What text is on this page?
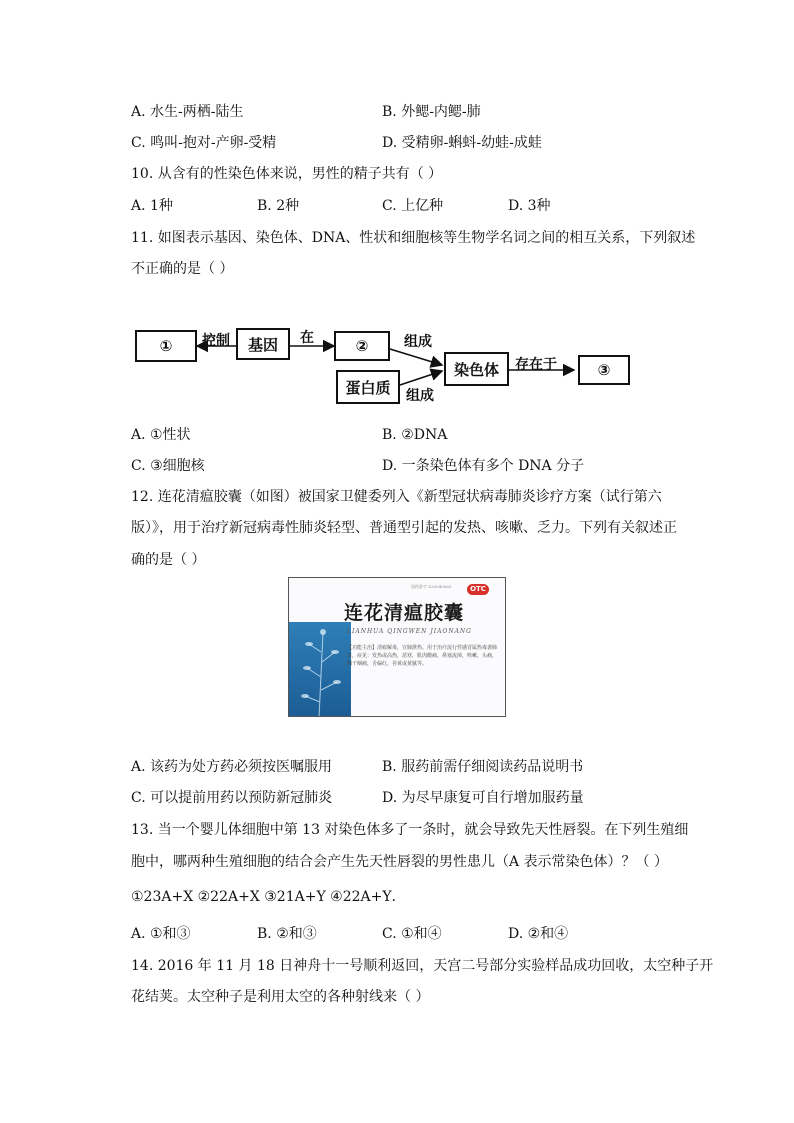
A. 水生-两栖-陆生	B. 外鳃-内鳃-肺
C. 鸣叫-抱对-产卵-受精	D. 受精卵-蝌蚪-幼蛙-成蛙
10. 从含有的性染色体来说，男性的精子共有（ ）
A. 1种	B. 2种	C. 上亿种	D. 3种
11. 如图表示基因、染色体、DNA、性状和细胞核等生物学名词之间的相互关系，下列叙述
不正确的是（ ）
①	基因	②
蛋白质
染色体	③
控制	在	组成
组成
存在于
A. ①性状	B. ②DNA
C. ③细胞核	D. 一条染色体有多个 DNA 分子
12. 连花清瘟胶囊（如图）被国家卫健委列入《新型冠状病毒肺炎诊疗方案（试行第六
版）》，用于治疗新冠病毒性肺炎轻型、普通型引起的发热、咳嗽、乏力。下列有关叙述正
确的是（ ）
国药准字 Z20040063	OTC
连花清瘟胶囊
LIANHUA QINGWEN JIAONANG
【功能主治】清瘟解毒，宣肺泄热。用于治疗流行性感冒属热毒袭肺证，症见：发热或高热，恶寒，肌肉酸痛，鼻塞流涕，咳嗽，头痛，咽干咽痛，舌偏红，苔黄或黄腻等。
A. 该药为处方药必须按医嘱服用	B. 服药前需仔细阅读药品说明书
C. 可以提前用药以预防新冠肺炎	D. 为尽早康复可自行增加服药量
13. 当一个婴儿体细胞中第 13 对染色体多了一条时，就会导致先天性唇裂。在下列生殖细
胞中，哪两种生殖细胞的结合会产生先天性唇裂的男性患儿（A 表示常染色体）？（ ）
①23A+X ②22A+X ③21A+Y ④22A+Y．
A. ①和③	B. ②和③	C. ①和④	D. ②和④
14. 2016 年 11 月 18 日神舟十一号顺利返回，天宫二号部分实验样品成功回收，太空种子开
花结荚。太空种子是利用太空的各种射线来（ ）
